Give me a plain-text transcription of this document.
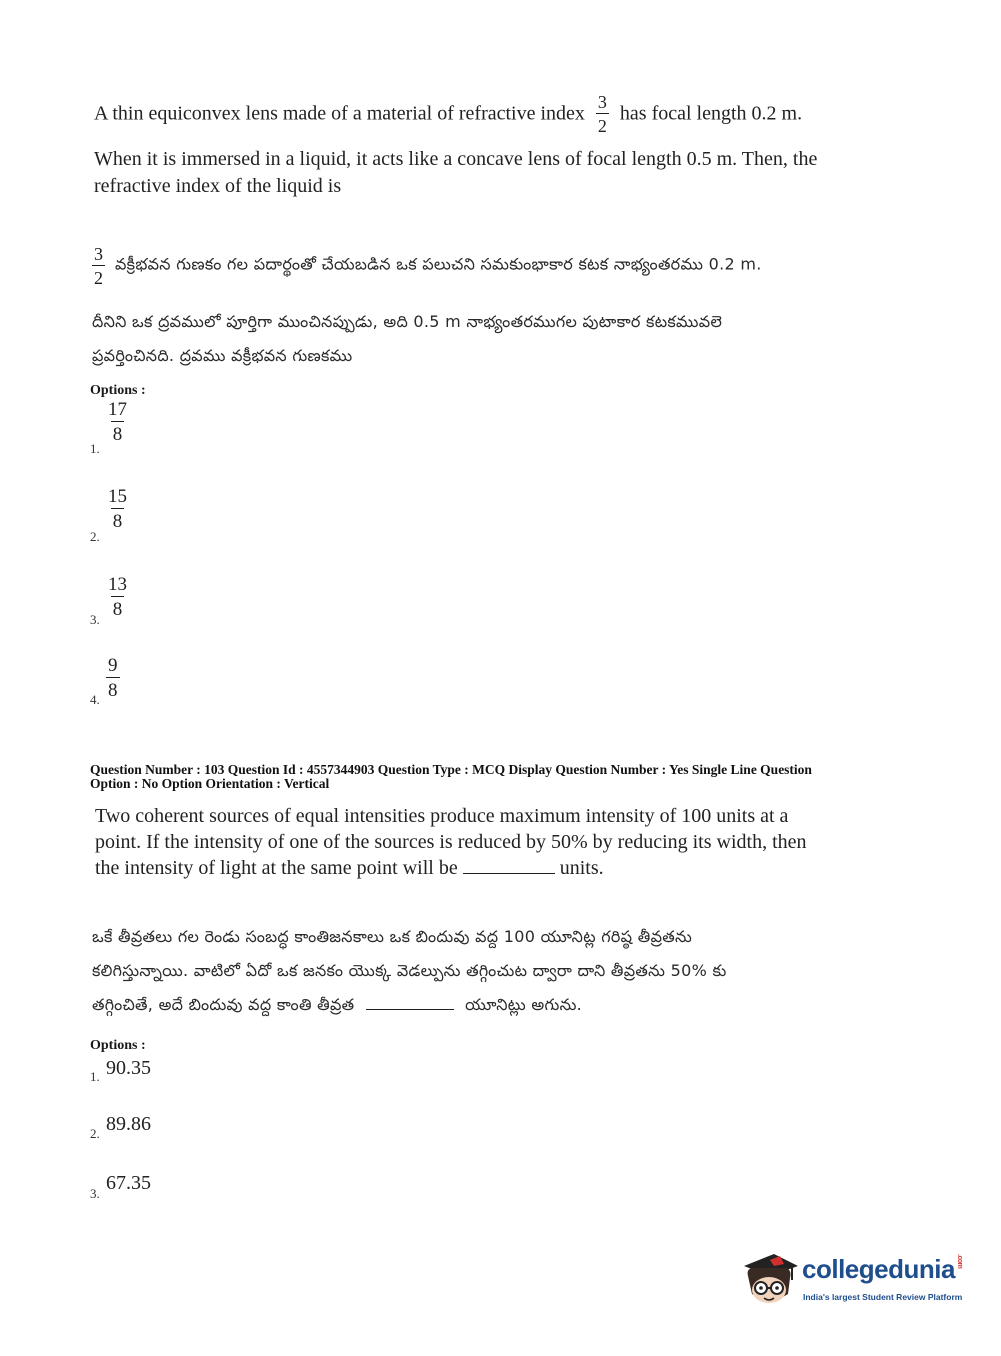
A thin equiconvex lens made of a material of refractive index $\frac{3}{2}$ has focal length 0.2 m.
When it is immersed in a liquid, it acts like a concave lens of focal length 0.5 m. Then, the
refractive index of the liquid is
$\frac{3}{2}$ వక్రీభవన గుణకం గల పదార్థంతో చేయబడిన ఒక పలుచని సమకుంభాకార కటక నాభ్యంతరము 0.2 m.
దీనిని ఒక ద్రవములో పూర్తిగా ముంచినప్పుడు, అది 0.5 m నాభ్యంతరముగల పుటాకార కటకమువలె
ప్రవర్తించినది. ద్రవము వక్రీభవన గుణకము
Options :
1.
$\frac{17}{8}$
2.
$\frac{15}{8}$
3.
$\frac{13}{8}$
4. $\frac{9}{8}$
Question Number : 103 Question Id : 4557344903 Question Type : MCQ Display Question Number : Yes Single Line Question
Option : No Option Orientation : Vertical
Two coherent sources of equal intensities produce maximum intensity of 100 units at a
point. If the intensity of one of the sources is reduced by 50% by reducing its width, then
the intensity of light at the same point will be	units.
ఒకే తీవ్రతలు గల రెండు సంబద్ధ కాంతిజనకాలు ఒక బిందువు వద్ద 100 యూనిట్ల గరిష్ఠ తీవ్రతను
కలిగిస్తున్నాయి. వాటిలో ఏదో ఒక జనకం యొక్క వెడల్పును తగ్గించుట ద్వారా దాని తీవ్రతను 50% కు
తగ్గించితే, అదే బిందువు వద్ద కాంతి తీవ్రత	యూనిట్లు అగును.
Options :
1. 90.35
2. 89.86
3. 67.35
collegedunia.com
India's largest Student Review Platform
